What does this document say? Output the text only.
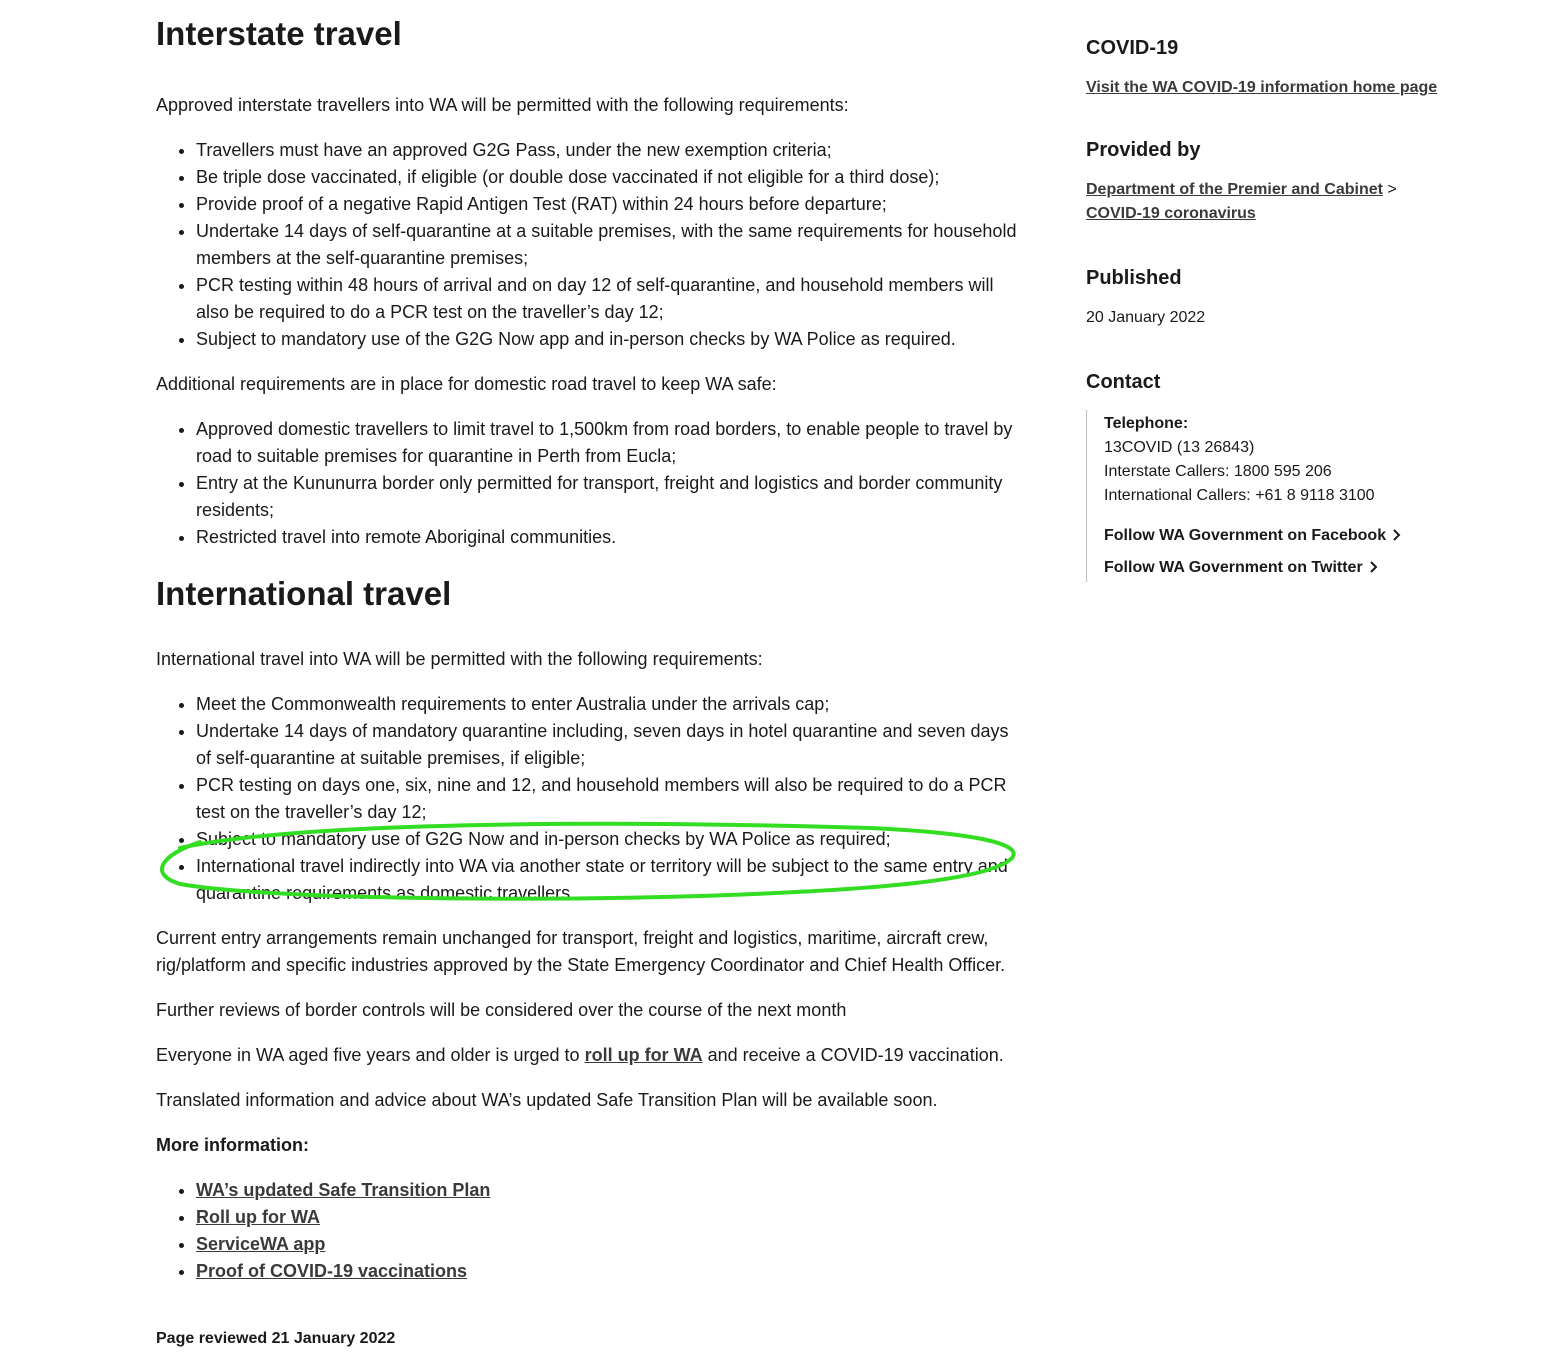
Interstate travel

Approved interstate travellers into WA will be permitted with the following requirements:

• Travellers must have an approved G2G Pass, under the new exemption criteria;
• Be triple dose vaccinated, if eligible (or double dose vaccinated if not eligible for a third dose);
• Provide proof of a negative Rapid Antigen Test (RAT) within 24 hours before departure;
• Undertake 14 days of self-quarantine at a suitable premises, with the same requirements for household members at the self-quarantine premises;
• PCR testing within 48 hours of arrival and on day 12 of self-quarantine, and household members will also be required to do a PCR test on the traveller’s day 12;
• Subject to mandatory use of the G2G Now app and in-person checks by WA Police as required.

Additional requirements are in place for domestic road travel to keep WA safe:

• Approved domestic travellers to limit travel to 1,500km from road borders, to enable people to travel by road to suitable premises for quarantine in Perth from Eucla;
• Entry at the Kununurra border only permitted for transport, freight and logistics and border community residents;
• Restricted travel into remote Aboriginal communities.
International travel

International travel into WA will be permitted with the following requirements:

• Meet the Commonwealth requirements to enter Australia under the arrivals cap;
• Undertake 14 days of mandatory quarantine including, seven days in hotel quarantine and seven days of self-quarantine at suitable premises, if eligible;
• PCR testing on days one, six, nine and 12, and household members will also be required to do a PCR test on the traveller’s day 12;
• Subject to mandatory use of G2G Now and in-person checks by WA Police as required;
• International travel indirectly into WA via another state or territory will be subject to the same entry and quarantine requirements as domestic travellers.

Current entry arrangements remain unchanged for transport, freight and logistics, maritime, aircraft crew, rig/platform and specific industries approved by the State Emergency Coordinator and Chief Health Officer.

Further reviews of border controls will be considered over the course of the next month

Everyone in WA aged five years and older is urged to roll up for WA and receive a COVID-19 vaccination.

Translated information and advice about WA’s updated Safe Transition Plan will be available soon.

More information:

• WA’s updated Safe Transition Plan
• Roll up for WA
• ServiceWA app
• Proof of COVID-19 vaccinations

Page reviewed 21 January 2022

COVID-19
Visit the WA COVID-19 information home page
Provided by
Department of the Premier and Cabinet > COVID-19 coronavirus
Published
20 January 2022
Contact
Telephone:
13COVID (13 26843)
Interstate Callers: 1800 595 206
International Callers: +61 8 9118 3100
Follow WA Government on Facebook
Follow WA Government on Twitter
